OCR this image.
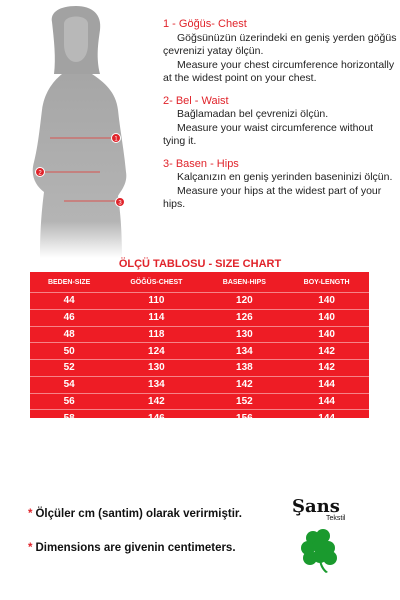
1
2
3
1 - Göğüs- Chest

Göğsünüzün üzerindeki en geniş yerden göğüs çevrenizi yatay ölçün.

Measure your chest circumference horizontally at the widest point on your chest.

2- Bel - Waist

Bağlamadan bel çevrenizi ölçün.

Measure your waist circumference without tying it.

3- Basen - Hips

Kalçanızın en geniş yerinden baseninizi ölçün.

Measure your hips at the widest part of your hips.

ÖLÇÜ TABLOSU - SIZE CHART
BEDEN-SIZE	GÖĞÜS-CHEST	BASEN-HIPS	BOY-LENGTH
44	110	120	140
46	114	126	140
48	118	130	140
50	124	134	142
52	130	138	142
54	134	142	144
56	142	152	144
58	146	156	144
* Ölçüler cm (santim) olarak verirmiştir.
* Dimensions are givenin centimeters.
Şans
Tekstil
